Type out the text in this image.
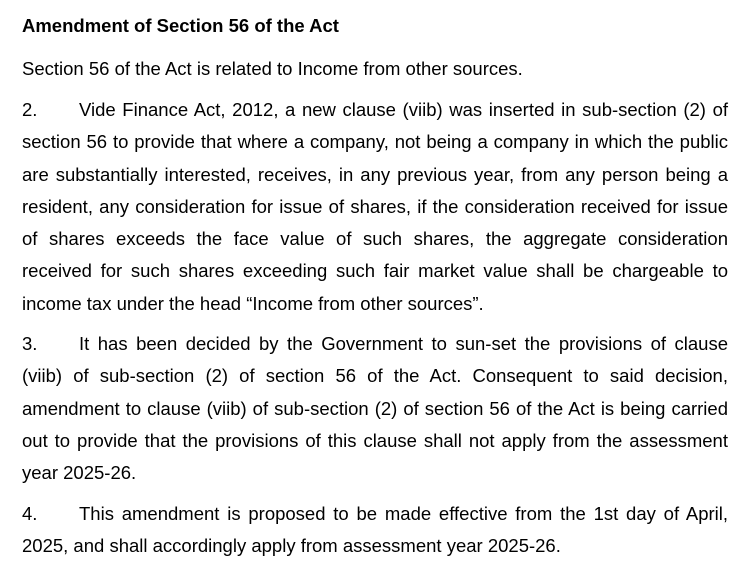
Amendment of Section 56 of the Act
Section 56 of the Act is related to Income from other sources.
2. Vide Finance Act, 2012, a new clause (viib) was inserted in sub-section (2) of section 56 to provide that where a company, not being a company in which the public are substantially interested, receives, in any previous year, from any person being a resident, any consideration for issue of shares, if the consideration received for issue of shares exceeds the face value of such shares, the aggregate consideration received for such shares exceeding such fair market value shall be chargeable to income tax under the head “Income from other sources”.
3. It has been decided by the Government to sun-set the provisions of clause (viib) of sub-section (2) of section 56 of the Act. Consequent to said decision, amendment to clause (viib) of sub-section (2) of section 56 of the Act is being carried out to provide that the provisions of this clause shall not apply from the assessment year 2025-26.
4. This amendment is proposed to be made effective from the 1st day of April, 2025, and shall accordingly apply from assessment year 2025-26.
